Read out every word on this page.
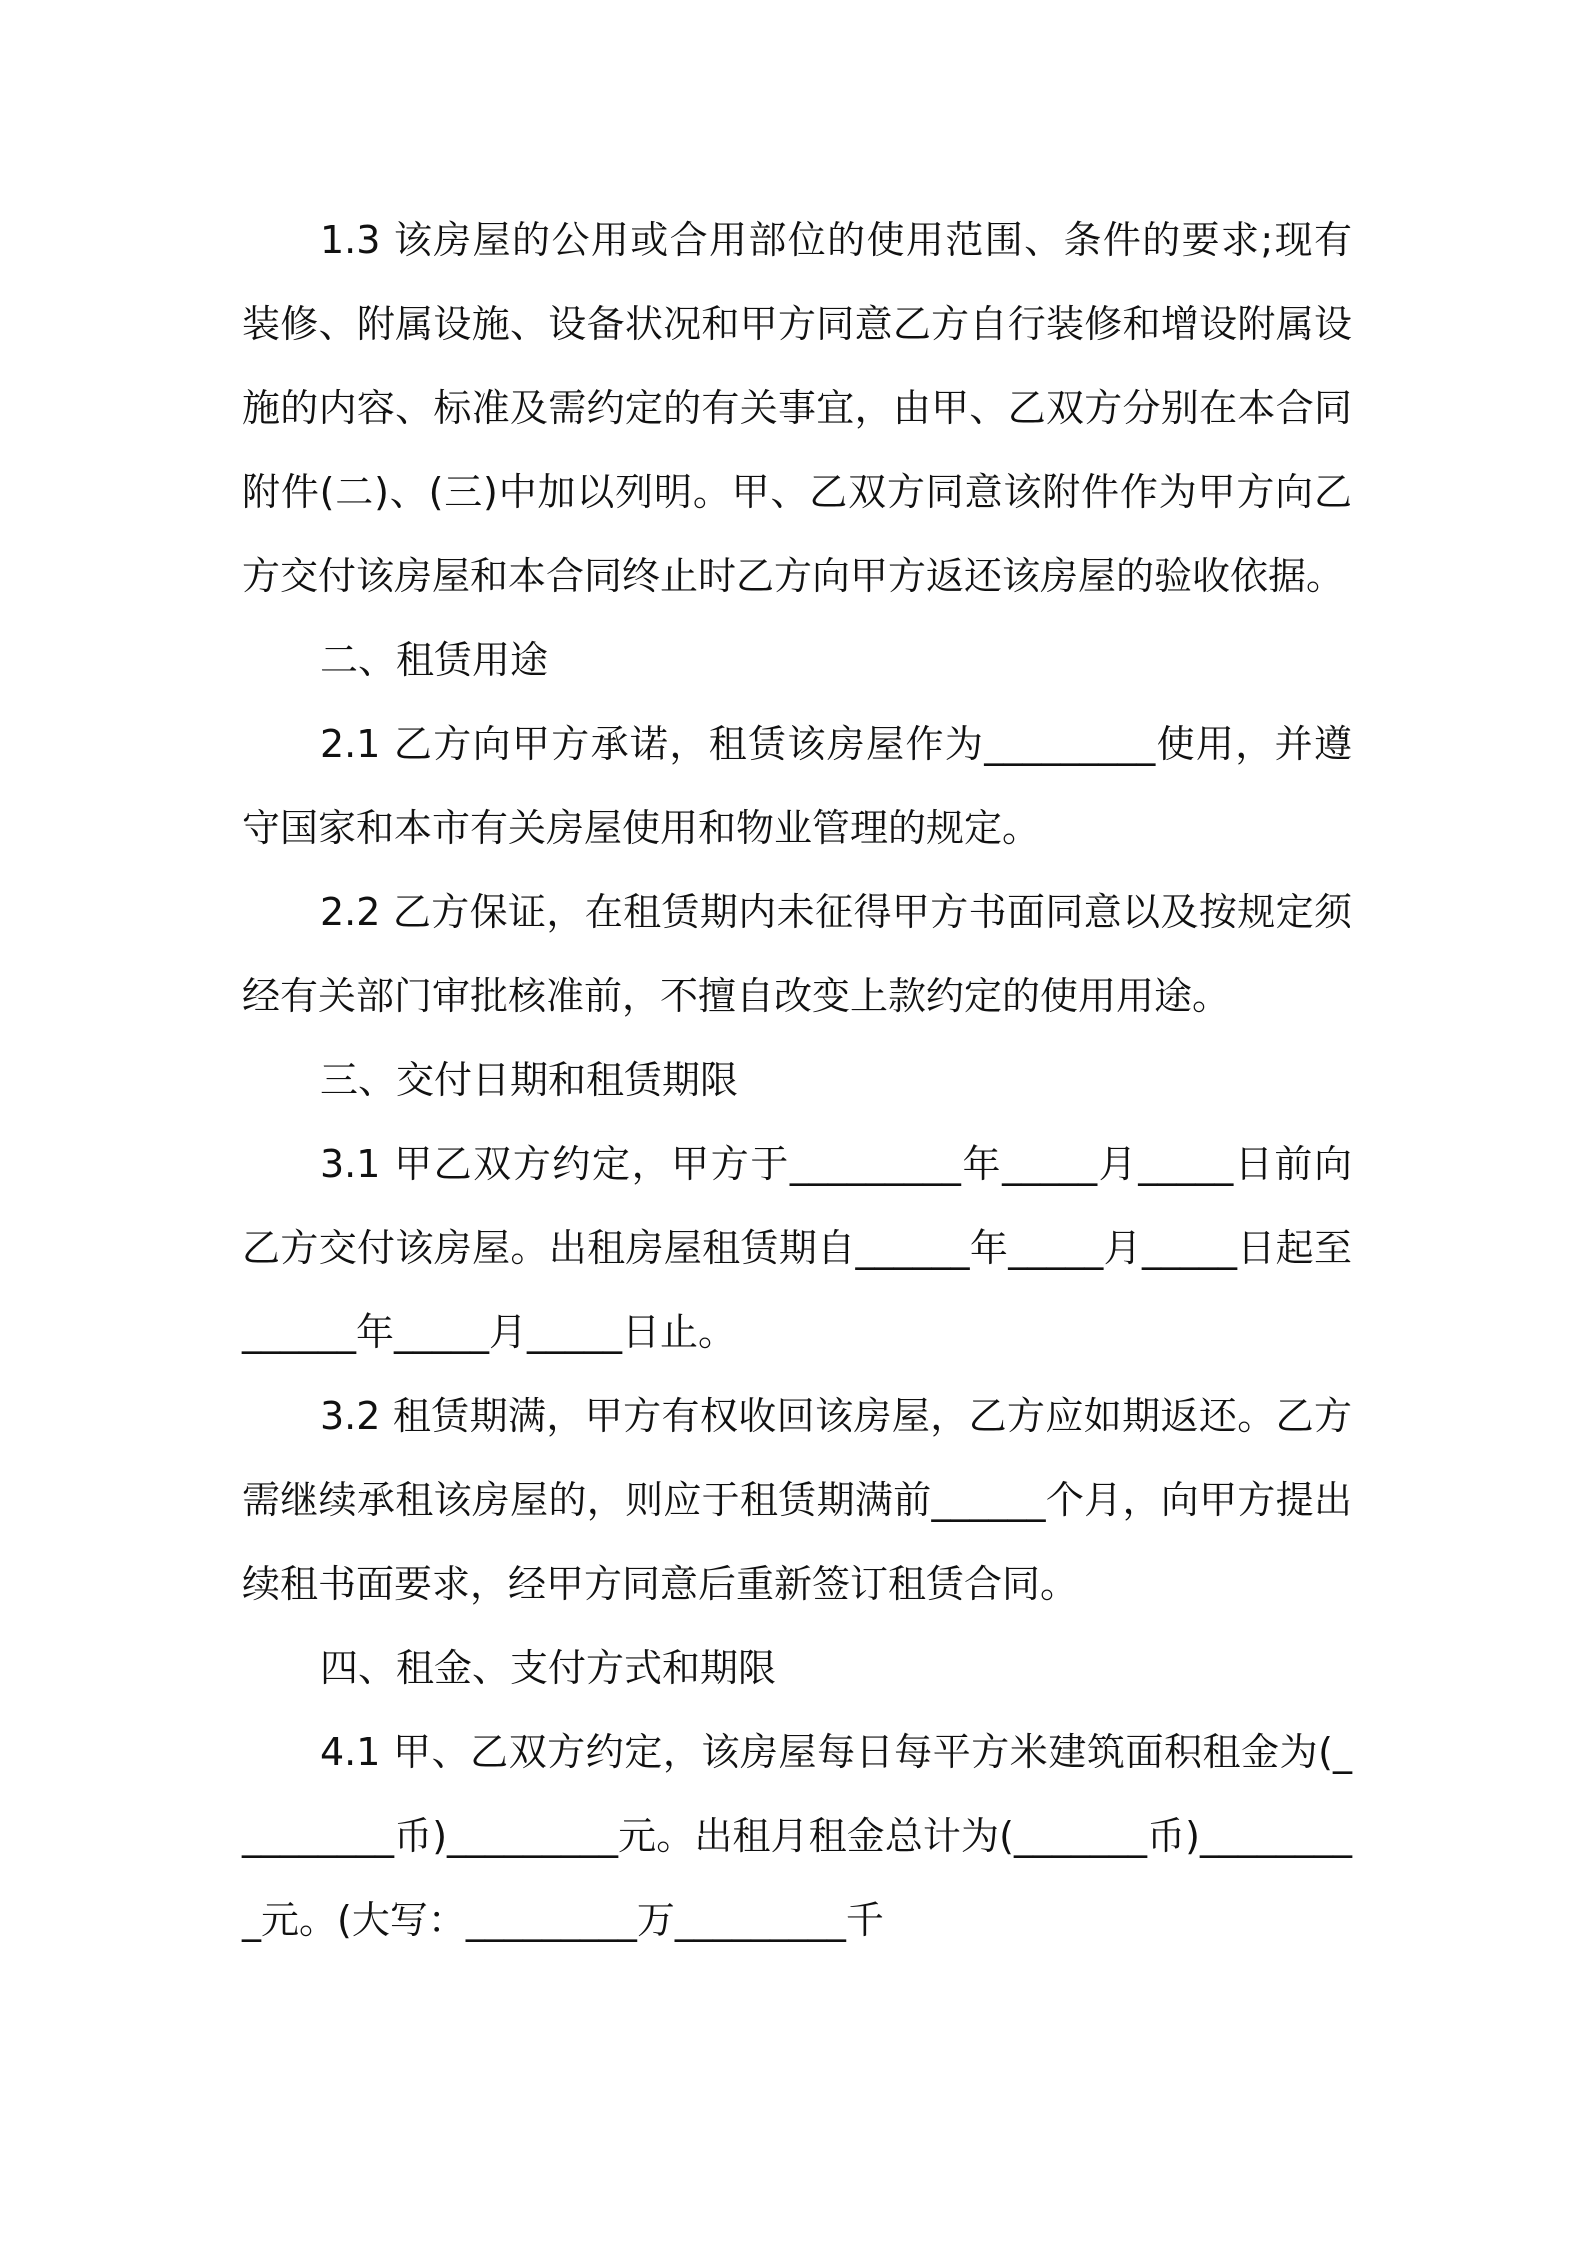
1.3 该房屋的公用或合用部位的使用范围、条件的要求;现有装修、附属设施、设备状况和甲方同意乙方自行装修和增设附属设施的内容、标准及需约定的有关事宜，由甲、乙双方分别在本合同附件(二)、(三)中加以列明。甲、乙双方同意该附件作为甲方向乙方交付该房屋和本合同终止时乙方向甲方返还该房屋的验收依据。

二、租赁用途

2.1 乙方向甲方承诺，租赁该房屋作为_________使用，并遵守国家和本市有关房屋使用和物业管理的规定。

2.2 乙方保证，在租赁期内未征得甲方书面同意以及按规定须经有关部门审批核准前，不擅自改变上款约定的使用用途。

三、交付日期和租赁期限

3.1 甲乙双方约定，甲方于_________年_____月_____日前向乙方交付该房屋。出租房屋租赁期自______年_____月_____日起至______年_____月_____日止。

3.2 租赁期满，甲方有权收回该房屋，乙方应如期返还。乙方需继续承租该房屋的，则应于租赁期满前______个月，向甲方提出续租书面要求，经甲方同意后重新签订租赁合同。

四、租金、支付方式和期限

4.1 甲、乙双方约定，该房屋每日每平方米建筑面积租金为(_________币)_________元。出租月租金总计为(_______币)_________元。(大写：_________万_________千
